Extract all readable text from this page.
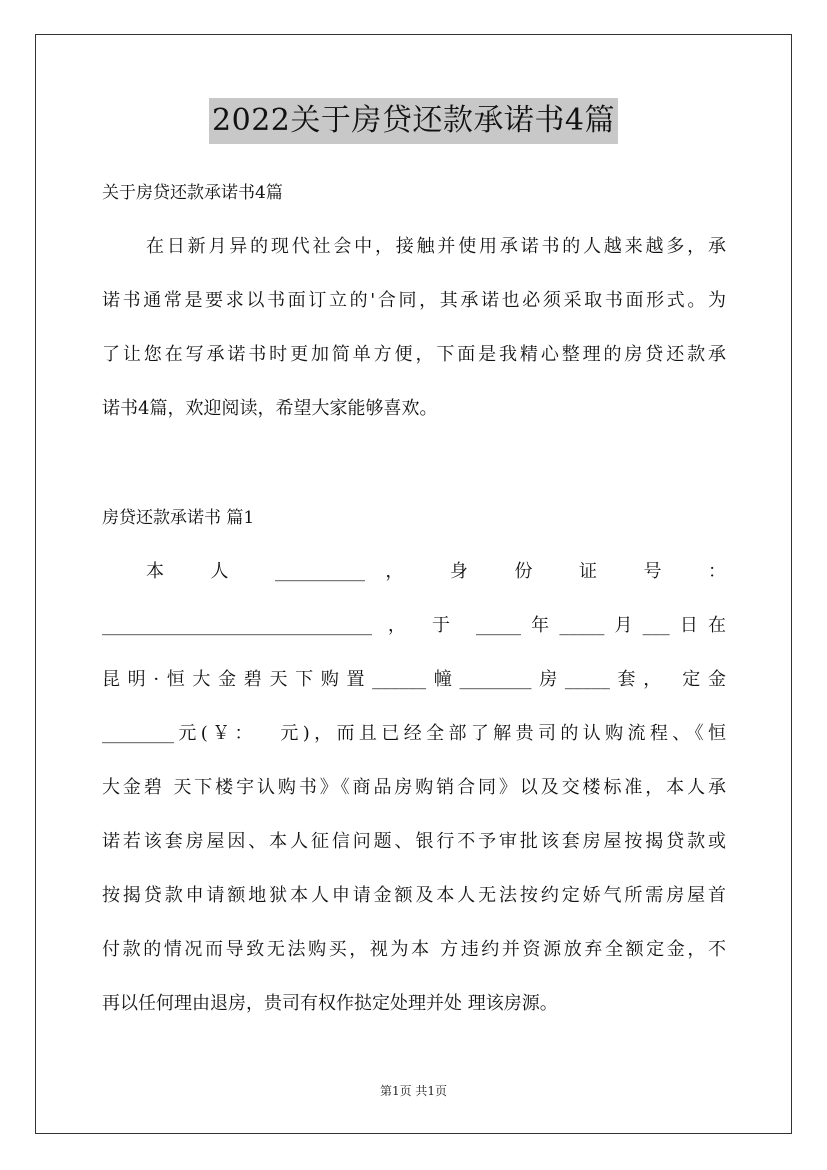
2022关于房贷还款承诺书4篇
关于房贷还款承诺书4篇
在日新月异的现代社会中，接触并使用承诺书的人越来越多，承
诺书通常是要求以书面订立的'合同，其承诺也必须采取书面形式。为
了让您在写承诺书时更加简单方便，下面是我精心整理的房贷还款承
诺书4篇，欢迎阅读，希望大家能够喜欢。
房贷还款承诺书 篇1
本 人 __________， 身 份 证 号 ：
______________________________ ， 于 _____年_____月___日在
昆明·恒大金碧天下购置______幢________房_____套， 定金
________元(￥：　 元)，而且已经全部了解贵司的认购流程、《恒
大金碧 天下楼宇认购书》《商品房购销合同》以及交楼标准，本人承
诺若该套房屋因、本人征信问题、银行不予审批该套房屋按揭贷款或
按揭贷款申请额地狱本人申请金额及本人无法按约定娇气所需房屋首
付款的情况而导致无法购买，视为本 方违约并资源放弃全额定金，不
再以任何理由退房，贵司有权作挞定处理并处 理该房源。
第1页 共1页
